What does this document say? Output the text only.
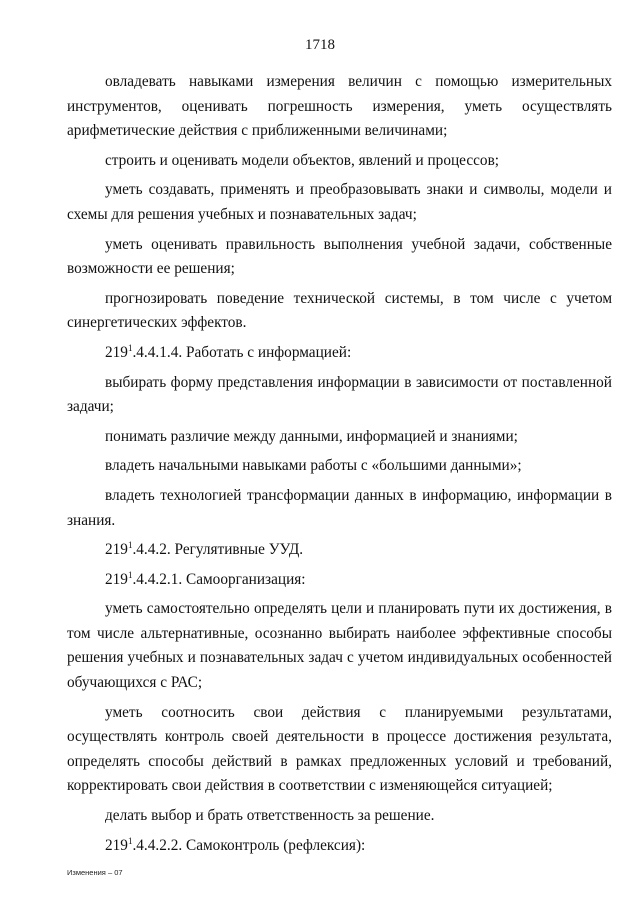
1718

овладевать навыками измерения величин с помощью измерительных инструментов, оценивать погрешность измерения, уметь осуществлять арифметические действия с приближенными величинами;

строить и оценивать модели объектов, явлений и процессов;

уметь создавать, применять и преобразовывать знаки и символы, модели и схемы для решения учебных и познавательных задач;

уметь оценивать правильность выполнения учебной задачи, собственные возможности ее решения;

прогнозировать поведение технической системы, в том числе с учетом синергетических эффектов.

$219^1.4.4.1.4$. Работать с информацией:

выбирать форму представления информации в зависимости от поставленной задачи;

понимать различие между данными, информацией и знаниями;

владеть начальными навыками работы с «большими данными»;

владеть технологией трансформации данных в информацию, информации в знания.

$219^1.4.4.2$. Регулятивные УУД.

$219^1.4.4.2.1$. Самоорганизация:

уметь самостоятельно определять цели и планировать пути их достижения, в том числе альтернативные, осознанно выбирать наиболее эффективные способы решения учебных и познавательных задач с учетом индивидуальных особенностей обучающихся с РАС;

уметь соотносить свои действия с планируемыми результатами, осуществлять контроль своей деятельности в процессе достижения результата, определять способы действий в рамках предложенных условий и требований, корректировать свои действия в соответствии с изменяющейся ситуацией;

делать выбор и брать ответственность за решение.

$219^1.4.4.2.2$. Самоконтроль (рефлексия):

Изменения – 07
